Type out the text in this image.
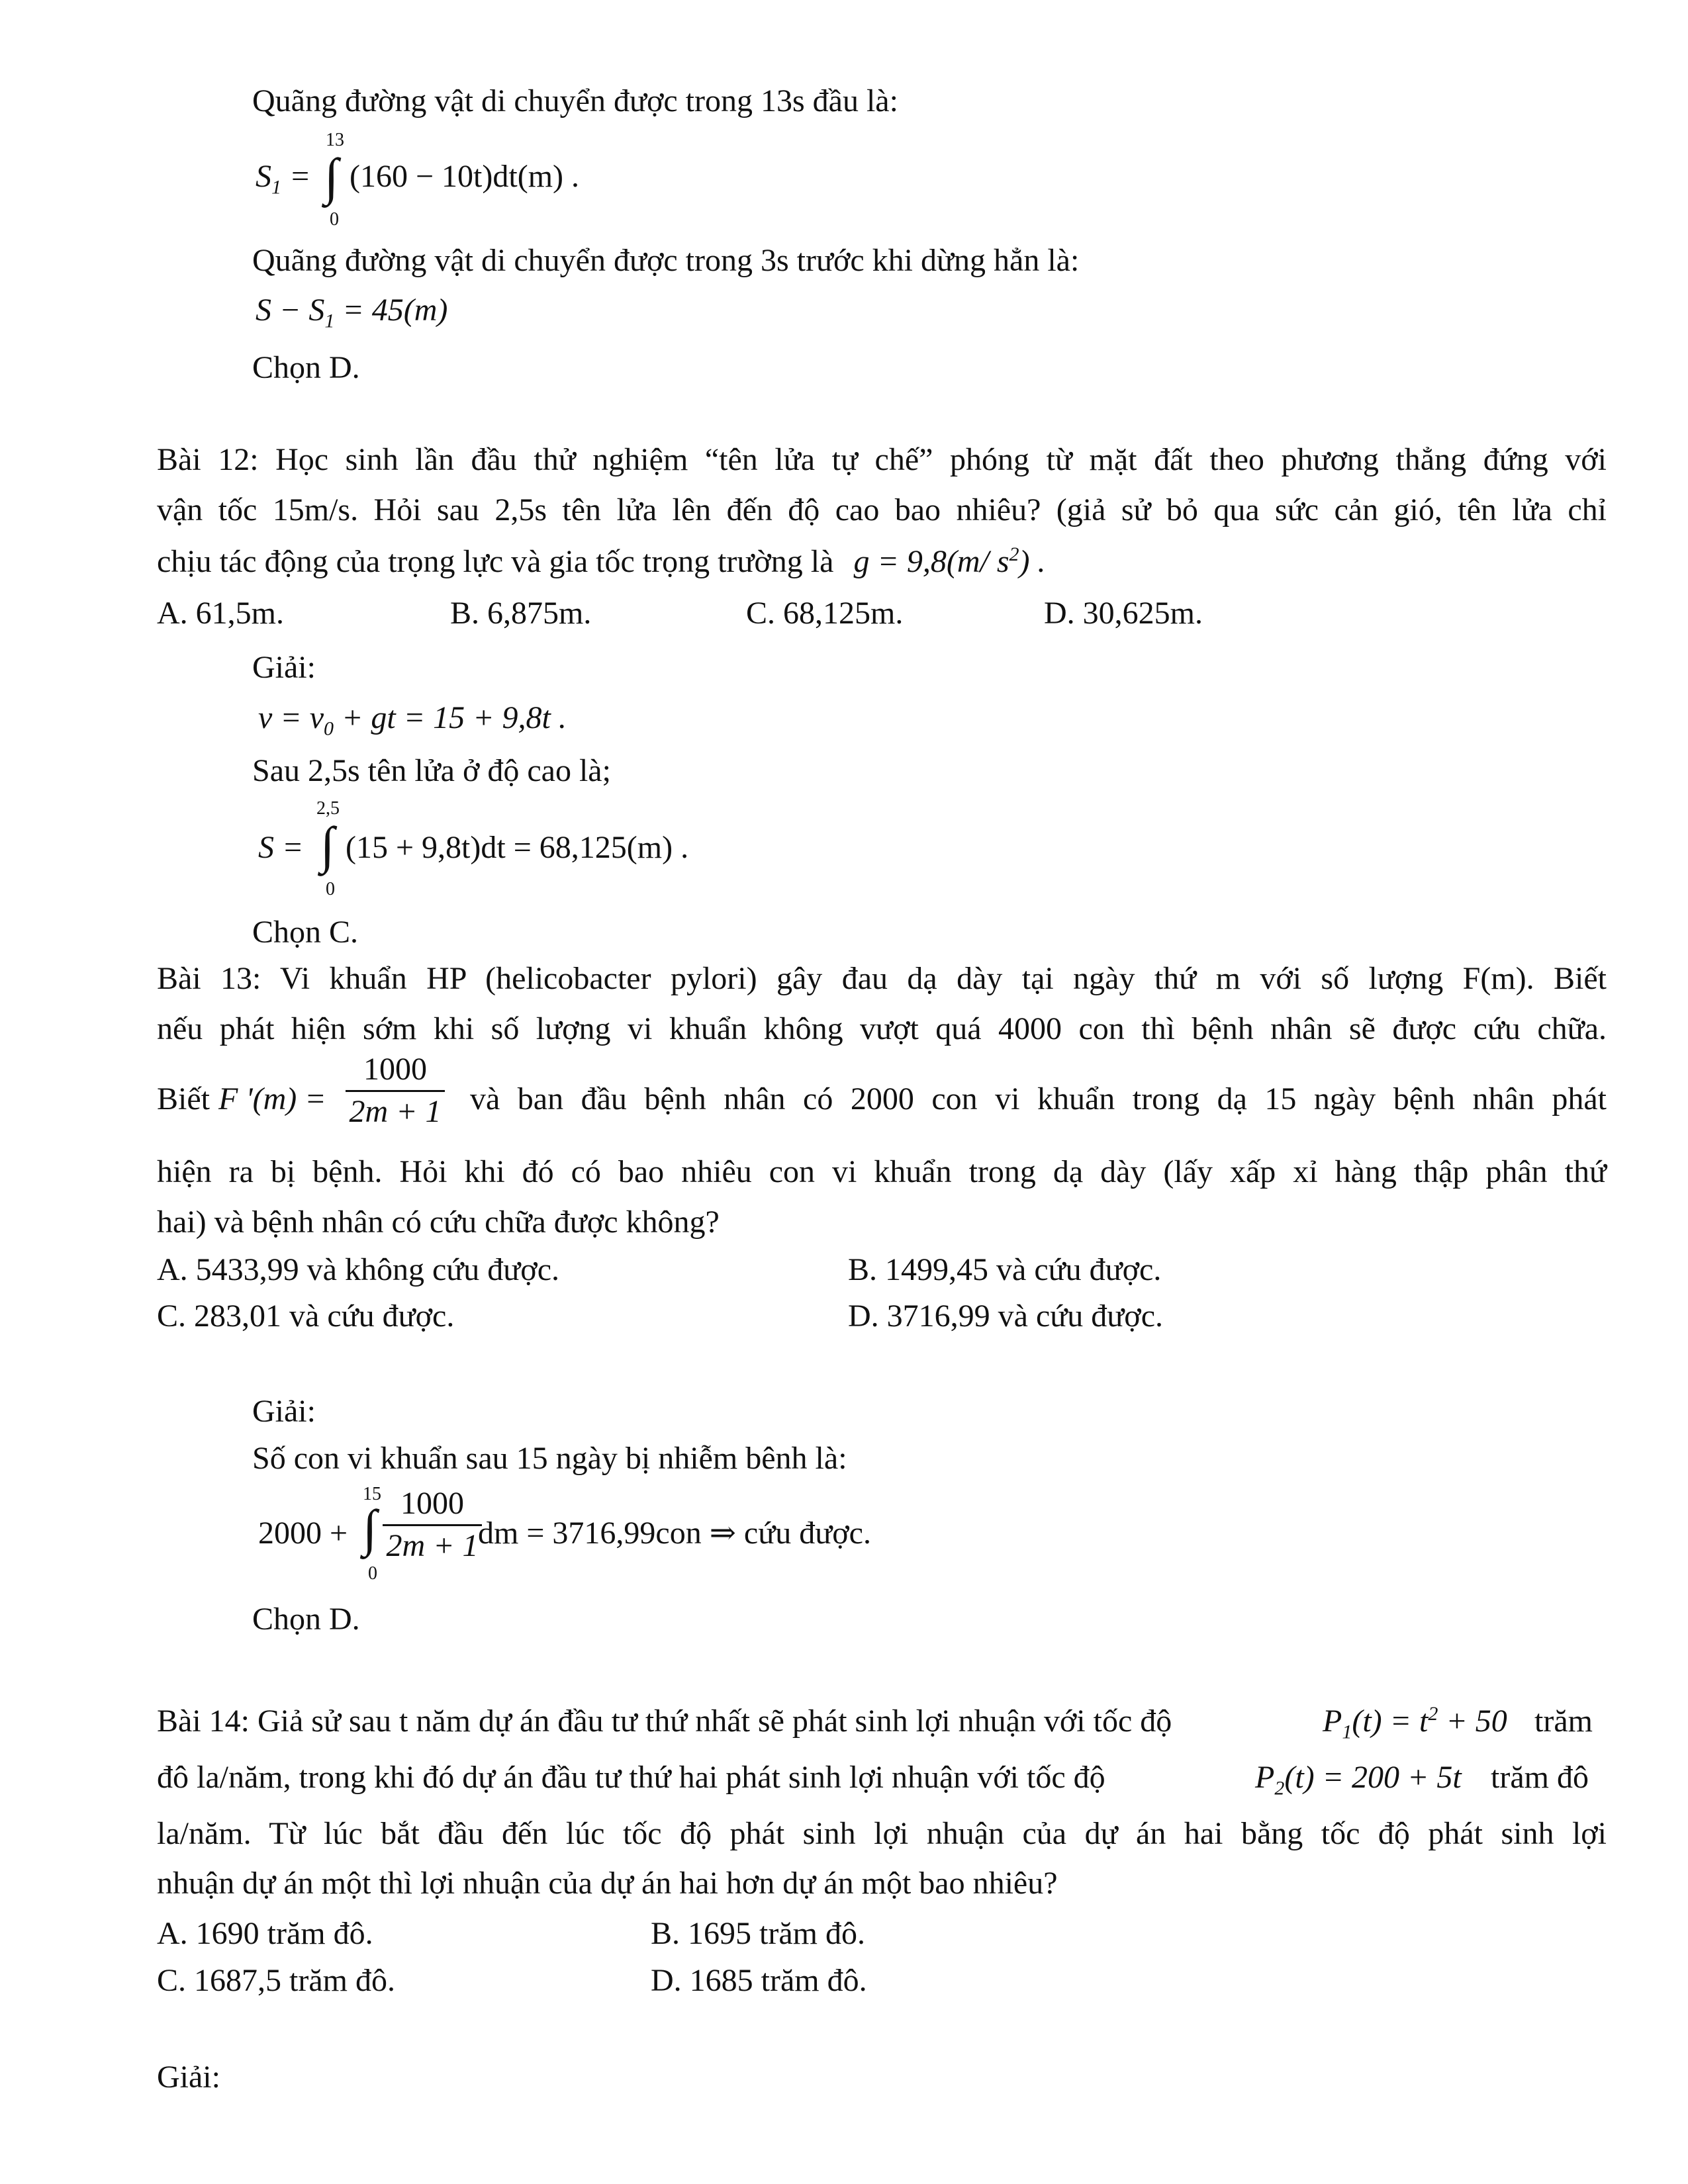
Quãng đường vật di chuyển được trong 13s đầu là:
$S_1$ =
13
∫
0
(160 − 10t)dt(m) .
Quãng đường vật di chuyển được trong 3s trước khi dừng hẳn là:
$S - S_1 = 45(m)$
Chọn D.
Bài 12: Học sinh lần đầu thử nghiệm “tên lửa tự chế” phóng từ mặt đất theo phương thẳng đứng với
vận tốc 15m/s. Hỏi sau 2,5s tên lửa lên đến độ cao bao nhiêu? (giả sử bỏ qua sức cản gió, tên lửa chỉ
chịu tác động của trọng lực và gia tốc trọng trường là g = 9,8(m/ $s^2$) .
A. 61,5m.	B. 6,875m.	C. 68,125m.	D. 30,625m.
Giải:
$v = v_0$ + gt = 15 + 9,8t .
Sau 2,5s tên lửa ở độ cao là;
S =
2,5
∫
0
(15 + 9,8t)dt = 68,125(m) .
Chọn C.
Bài 13: Vi khuẩn HP (helicobacter pylori) gây đau dạ dày tại ngày thứ m với số lượng F(m). Biết
nếu phát hiện sớm khi số lượng vi khuẩn không vượt quá 4000 con thì bệnh nhân sẽ được cứu chữa.
Biết F '(m) =
1000
2m + 1 và ban đầu bệnh nhân có 2000 con vi khuẩn trong dạ 15 ngày bệnh nhân phát
hiện ra bị bệnh. Hỏi khi đó có bao nhiêu con vi khuẩn trong dạ dày (lấy xấp xỉ hàng thập phân thứ
hai) và bệnh nhân có cứu chữa được không?
A. 5433,99 và không cứu được.	B. 1499,45 và cứu được.
C. 283,01 và cứu được.	D. 3716,99 và cứu được.
Giải:
Số con vi khuẩn sau 15 ngày bị nhiễm bênh là:
2000 +
15
∫
0
1000
2m + 1 dm = 3716,99con ⇒ cứu được.
Chọn D.
Bài 14: Giả sử sau t năm dự án đầu tư thứ nhất sẽ phát sinh lợi nhuận với tốc độ	$P_1(t) = t^2 + 50$ trăm
đô la/năm, trong khi đó dự án đầu tư thứ hai phát sinh lợi nhuận với tốc độ	$P_2(t) = 200 + 5t$ trăm đô
la/năm. Từ lúc bắt đầu đến lúc tốc độ phát sinh lợi nhuận của dự án hai bằng tốc độ phát sinh lợi
nhuận dự án một thì lợi nhuận của dự án hai hơn dự án một bao nhiêu?
A. 1690 trăm đô.	B. 1695 trăm đô.
C. 1687,5 trăm đô.	D. 1685 trăm đô.
Giải:
